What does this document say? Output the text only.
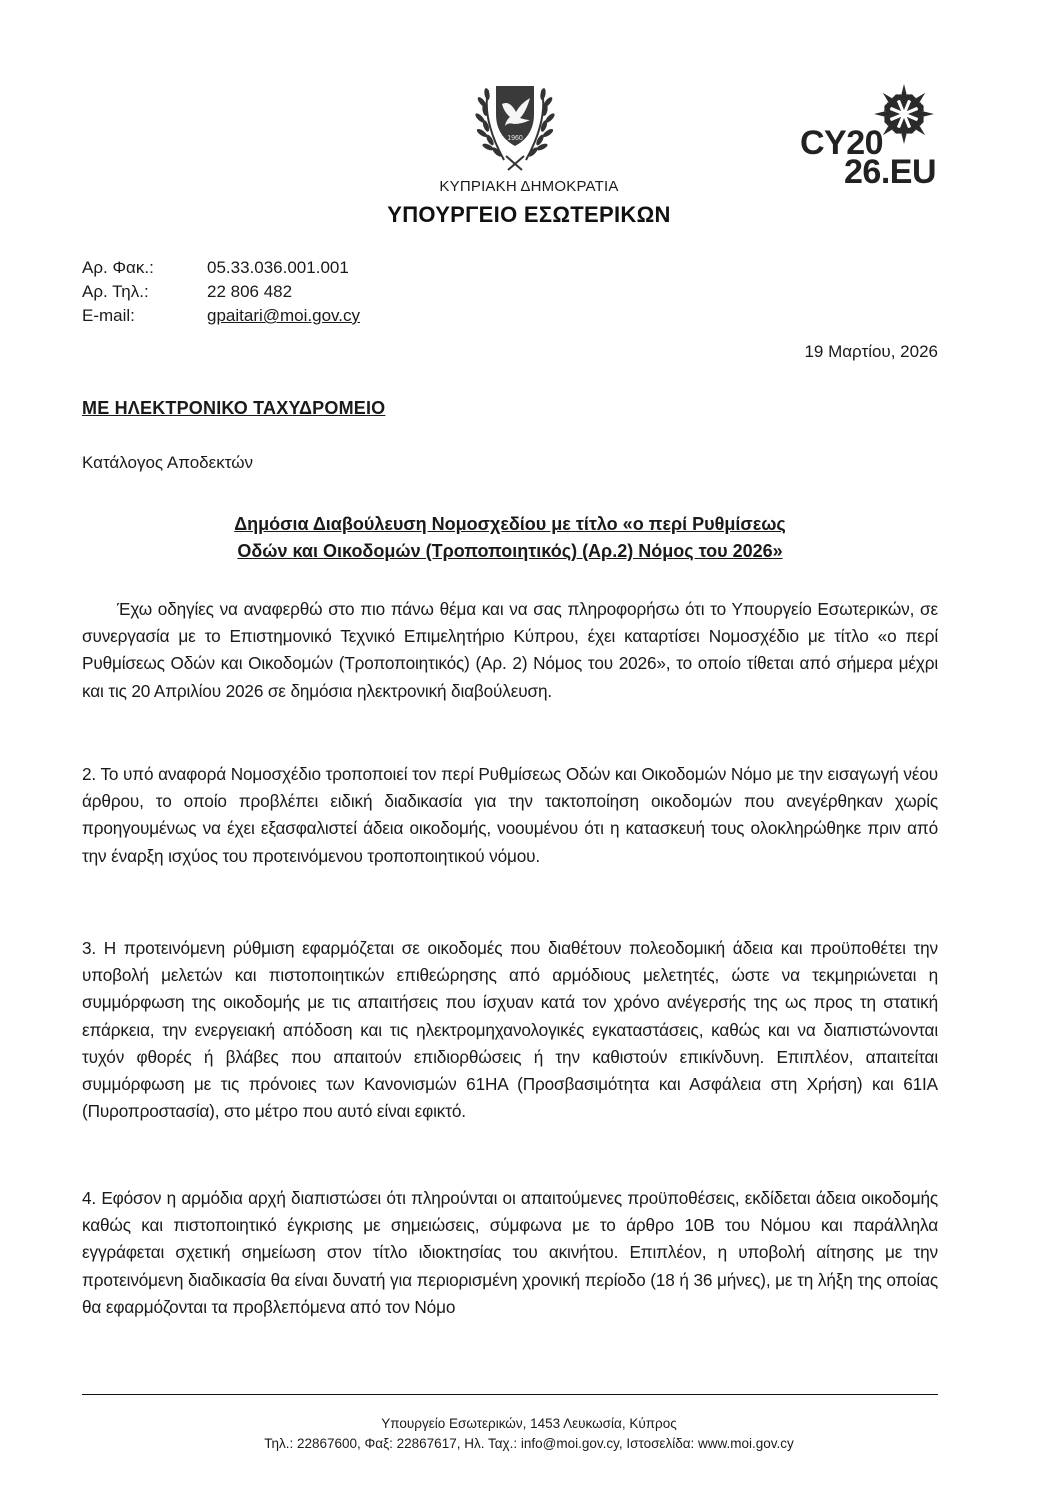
1960	CY20
26.EU
ΚΥΠΡΙΑΚΗ ΔΗΜΟΚΡΑΤΙΑ
ΥΠΟΥΡΓΕΙΟ ΕΣΩΤΕΡΙΚΩΝ
Αρ. Φακ.:	05.33.036.001.001
Αρ. Τηλ.:	22 806 482
E-mail:	gpaitari@moi.gov.cy
19 Μαρτίου, 2026
ΜΕ ΗΛΕΚΤΡΟΝΙΚΟ ΤΑΧΥΔΡΟΜΕΙΟ
Κατάλογος Αποδεκτών
Δημόσια Διαβούλευση Νομοσχεδίου με τίτλο «ο περί Ρυθμίσεως
Οδών και Οικοδομών (Τροποποιητικός) (Αρ.2) Νόμος του 2026»
Έχω οδηγίες να αναφερθώ στο πιο πάνω θέμα και να σας πληροφορήσω ότι το Υπουργείο Εσωτερικών, σε συνεργασία με το Επιστημονικό Τεχνικό Επιμελητήριο Κύπρου, έχει καταρτίσει Νομοσχέδιο με τίτλο «ο περί Ρυθμίσεως Οδών και Οικοδομών (Τροποποιητικός) (Αρ. 2) Νόμος του 2026», το οποίο τίθεται από σήμερα μέχρι και τις 20 Απριλίου 2026 σε δημόσια ηλεκτρονική διαβούλευση.
2. Το υπό αναφορά Νομοσχέδιο τροποποιεί τον περί Ρυθμίσεως Οδών και Οικοδομών Νόμο με την εισαγωγή νέου άρθρου, το οποίο προβλέπει ειδική διαδικασία για την τακτοποίηση οικοδομών που ανεγέρθηκαν χωρίς προηγουμένως να έχει εξασφαλιστεί άδεια οικοδομής, νοουμένου ότι η κατασκευή τους ολοκληρώθηκε πριν από την έναρξη ισχύος του προτεινόμενου τροποποιητικού νόμου.
3. Η προτεινόμενη ρύθμιση εφαρμόζεται σε οικοδομές που διαθέτουν πολεοδομική άδεια και προϋποθέτει την υποβολή μελετών και πιστοποιητικών επιθεώρησης από αρμόδιους μελετητές, ώστε να τεκμηριώνεται η συμμόρφωση της οικοδομής με τις απαιτήσεις που ίσχυαν κατά τον χρόνο ανέγερσής της ως προς τη στατική επάρκεια, την ενεργειακή απόδοση και τις ηλεκτρομηχανολογικές εγκαταστάσεις, καθώς και να διαπιστώνονται τυχόν φθορές ή βλάβες που απαιτούν επιδιορθώσεις ή την καθιστούν επικίνδυνη. Επιπλέον, απαιτείται συμμόρφωση με τις πρόνοιες των Κανονισμών 61ΗΑ (Προσβασιμότητα και Ασφάλεια στη Χρήση) και 61ΙΑ (Πυροπροστασία), στο μέτρο που αυτό είναι εφικτό.
4. Εφόσον η αρμόδια αρχή διαπιστώσει ότι πληρούνται οι απαιτούμενες προϋποθέσεις, εκδίδεται άδεια οικοδομής καθώς και πιστοποιητικό έγκρισης με σημειώσεις, σύμφωνα με το άρθρο 10Β του Νόμου και παράλληλα εγγράφεται σχετική σημείωση στον τίτλο ιδιοκτησίας του ακινήτου. Επιπλέον, η υποβολή αίτησης με την προτεινόμενη διαδικασία θα είναι δυνατή για περιορισμένη χρονική περίοδο (18 ή 36 μήνες), με τη λήξη της οποίας θα εφαρμόζονται τα προβλεπόμενα από τον Νόμο
Υπουργείο Εσωτερικών, 1453 Λευκωσία, Κύπρος
Τηλ.: 22867600, Φαξ: 22867617, Ηλ. Ταχ.: info@moi.gov.cy, Ιστοσελίδα: www.moi.gov.cy
